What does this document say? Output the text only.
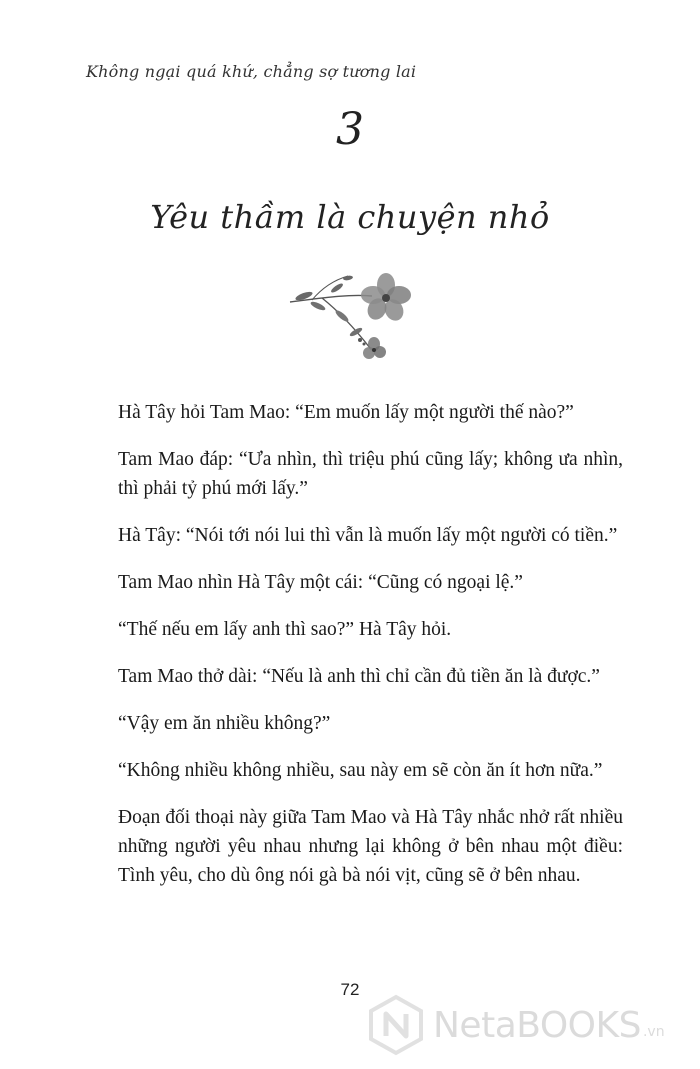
Không ngại quá khứ, chẳng sợ tương lai
3
Yêu thầm là chuyện nhỏ

Hà Tây hỏi Tam Mao: “Em muốn lấy một người thế nào?”

Tam Mao đáp: “Ưa nhìn, thì triệu phú cũng lấy; không ưa nhìn, thì phải tỷ phú mới lấy.”

Hà Tây: “Nói tới nói lui thì vẫn là muốn lấy một người có tiền.”

Tam Mao nhìn Hà Tây một cái: “Cũng có ngoại lệ.”

“Thế nếu em lấy anh thì sao?” Hà Tây hỏi.

Tam Mao thở dài: “Nếu là anh thì chỉ cần đủ tiền ăn là được.”

“Vậy em ăn nhiều không?”

“Không nhiều không nhiều, sau này em sẽ còn ăn ít hơn nữa.”

Đoạn đối thoại này giữa Tam Mao và Hà Tây nhắc nhở rất nhiều những người yêu nhau nhưng lại không ở bên nhau một điều: Tình yêu, cho dù ông nói gà bà nói vịt, cũng sẽ ở bên nhau.

72
NetaBOOKS .vn
